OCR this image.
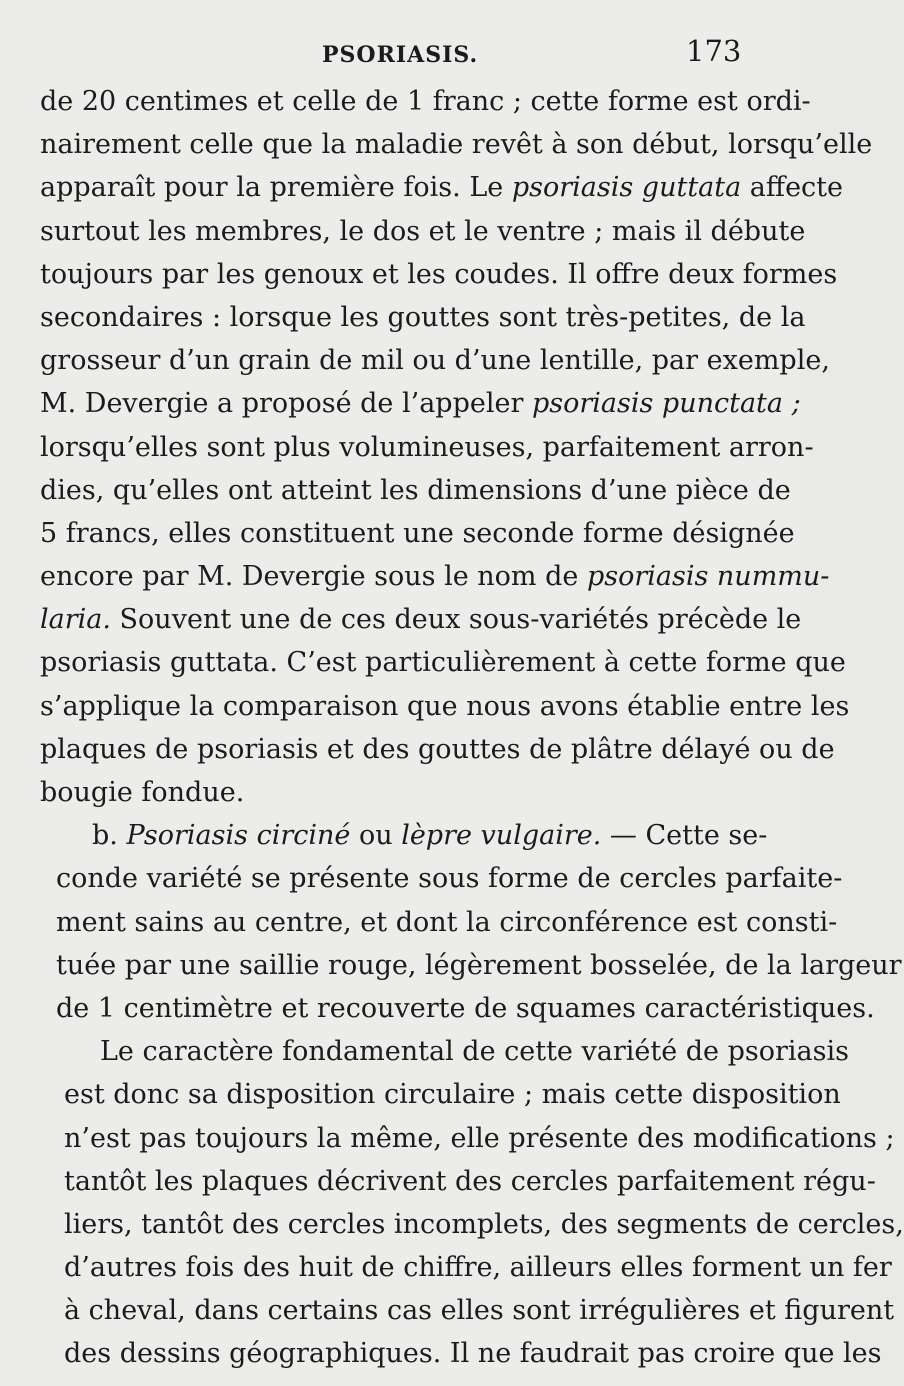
PSORIASIS.	173
de 20 centimes et celle de 1 franc ; cette forme est ordi-
nairement celle que la maladie revêt à son début, lorsqu’elle
apparaît pour la première fois. Le psoriasis guttata affecte
surtout les membres, le dos et le ventre ; mais il débute
toujours par les genoux et les coudes. Il offre deux formes
secondaires : lorsque les gouttes sont très-petites, de la
grosseur d’un grain de mil ou d’une lentille, par exemple,
M. Devergie a proposé de l’appeler psoriasis punctata ;
lorsqu’elles sont plus volumineuses, parfaitement arron-
dies, qu’elles ont atteint les dimensions d’une pièce de
5 francs, elles constituent une seconde forme désignée
encore par M. Devergie sous le nom de psoriasis nummu-
laria. Souvent une de ces deux sous-variétés précède le
psoriasis guttata. C’est particulièrement à cette forme que
s’applique la comparaison que nous avons établie entre les
plaques de psoriasis et des gouttes de plâtre délayé ou de
bougie fondue.
b. Psoriasis circiné ou lèpre vulgaire. — Cette se-
conde variété se présente sous forme de cercles parfaite-
ment sains au centre, et dont la circonférence est consti-
tuée par une saillie rouge, légèrement bosselée, de la largeur
de 1 centimètre et recouverte de squames caractéristiques.
Le caractère fondamental de cette variété de psoriasis
est donc sa disposition circulaire ; mais cette disposition
n’est pas toujours la même, elle présente des modifications ;
tantôt les plaques décrivent des cercles parfaitement régu-
liers, tantôt des cercles incomplets, des segments de cercles,
d’autres fois des huit de chiffre, ailleurs elles forment un fer
à cheval, dans certains cas elles sont irrégulières et figurent
des dessins géographiques. Il ne faudrait pas croire que les
